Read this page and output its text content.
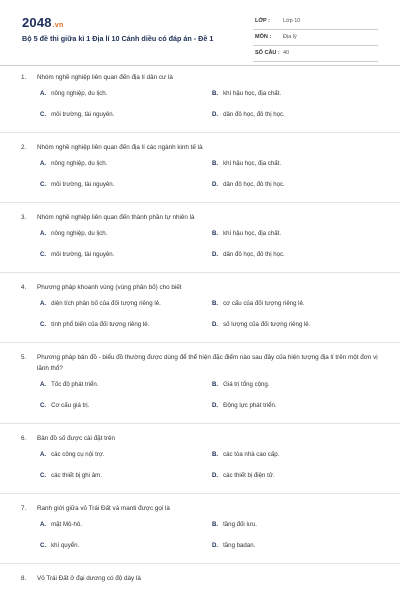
2048.vn
Bộ 5 đề thi giữa kì 1 Địa lí 10 Cánh diều có đáp án - Đề 1
LỚP : Lớp 10
MÔN : Địa lý
SỐ CÂU : 40
1. Nhóm nghề nghiệp liên quan đến địa lí dân cư là
A. nông nghiệp, du lịch.	B. khí hậu học, địa chất.
C. môi trường, tài nguyên.	D. dân đô học, đô thị học.
2. Nhóm nghề nghiệp liên quan đến địa lí các ngành kinh tế là
A. nông nghiệp, du lịch.	B. khí hậu học, địa chất.
C. môi trường, tài nguyên.	D. dân đô học, đô thị học.
3. Nhóm nghề nghiệp liên quan đến thành phần tự nhiên là
A. nông nghiệp, du lịch.	B. khí hậu học, địa chất.
C. môi trường, tài nguyên.	D. dân đô học, đô thị học.
4. Phương pháp khoanh vùng (vùng phân bố) cho biết
A. diện tích phân bố của đối tượng riêng lẻ.	B. cơ cấu của đối tượng riêng lẻ.
C. tính phổ biến của đối tượng riêng lẻ.	D. số lượng của đối tượng riêng lẻ.
5. Phương pháp bản đồ - biểu đồ thường được dùng để thể hiện đặc điểm nào sau đây của hiện tượng địa lí trên một đơn vị lãnh thổ?
A. Tốc độ phát triển.	B. Giá trị tổng cộng.
C. Cơ cấu giá trị.	D. Động lực phát triển.
6. Bản đồ số được cài đặt trên
A. các công cụ nội trợ.	B. các tòa nhà cao cấp.
C. các thiết bị ghi âm.	D. các thiết bị điện tử.
7. Ranh giới giữa vỏ Trái Đất và manti được gọi là
A. mặt Mô-hô.	B. tầng đối lưu.
C. khí quyển.	D. tầng badan.
8. Vỏ Trái Đất ở đại dương có độ dày là
